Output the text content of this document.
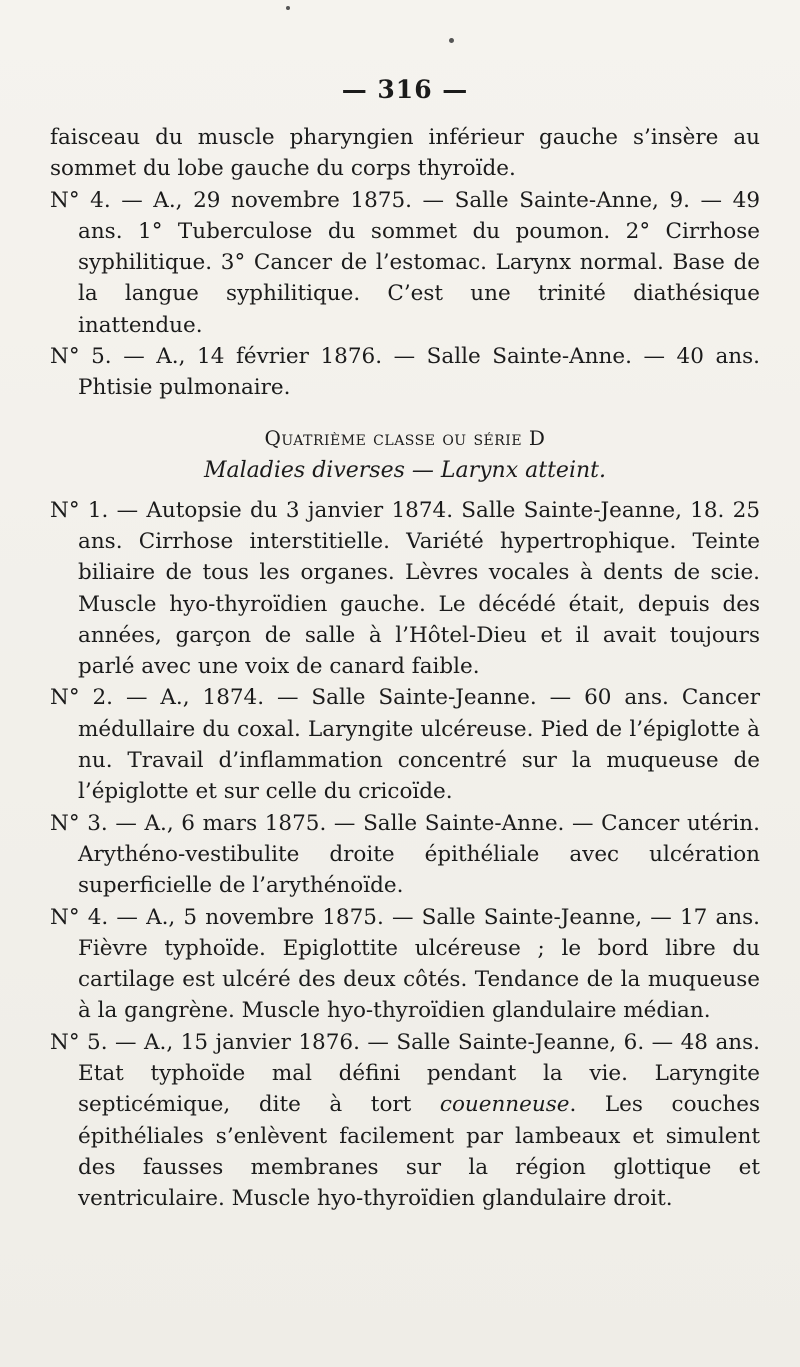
— 316 —

faisceau du muscle pharyngien inférieur gauche s’insère au sommet du lobe gauche du corps thyroïde.

N° 4. — A., 29 novembre 1875. — Salle Sainte-Anne, 9. — 49 ans. 1° Tuberculose du sommet du poumon. 2° Cirrhose syphilitique. 3° Cancer de l’estomac. Larynx normal. Base de la langue syphilitique. C’est une trinité diathésique inattendue.

N° 5. — A., 14 février 1876. — Salle Sainte-Anne. — 40 ans. Phtisie pulmonaire.

Quatrième classe ou série D
Maladies diverses — Larynx atteint.

N° 1. — Autopsie du 3 janvier 1874. Salle Sainte-Jeanne, 18. 25 ans. Cirrhose interstitielle. Variété hypertrophique. Teinte biliaire de tous les organes. Lèvres vocales à dents de scie. Muscle hyo-thyroïdien gauche. Le décédé était, depuis des années, garçon de salle à l’Hôtel-Dieu et il avait toujours parlé avec une voix de canard faible.

N° 2. — A., 1874. — Salle Sainte-Jeanne. — 60 ans. Cancer médullaire du coxal. Laryngite ulcéreuse. Pied de l’épiglotte à nu. Travail d’inflammation concentré sur la muqueuse de l’épiglotte et sur celle du cricoïde.

N° 3. — A., 6 mars 1875. — Salle Sainte-Anne. — Cancer utérin. Arythéno-vestibulite droite épithéliale avec ulcération superficielle de l’arythénoïde.

N° 4. — A., 5 novembre 1875. — Salle Sainte-Jeanne, — 17 ans. Fièvre typhoïde. Epiglottite ulcéreuse ; le bord libre du cartilage est ulcéré des deux côtés. Tendance de la muqueuse à la gangrène. Muscle hyo-thyroïdien glandulaire médian.

N° 5. — A., 15 janvier 1876. — Salle Sainte-Jeanne, 6. — 48 ans. Etat typhoïde mal défini pendant la vie. Laryngite septicémique, dite à tort couenneuse. Les couches épithéliales s’enlèvent facilement par lambeaux et simulent des fausses membranes sur la région glottique et ventriculaire. Muscle hyo-thyroïdien glandulaire droit.
